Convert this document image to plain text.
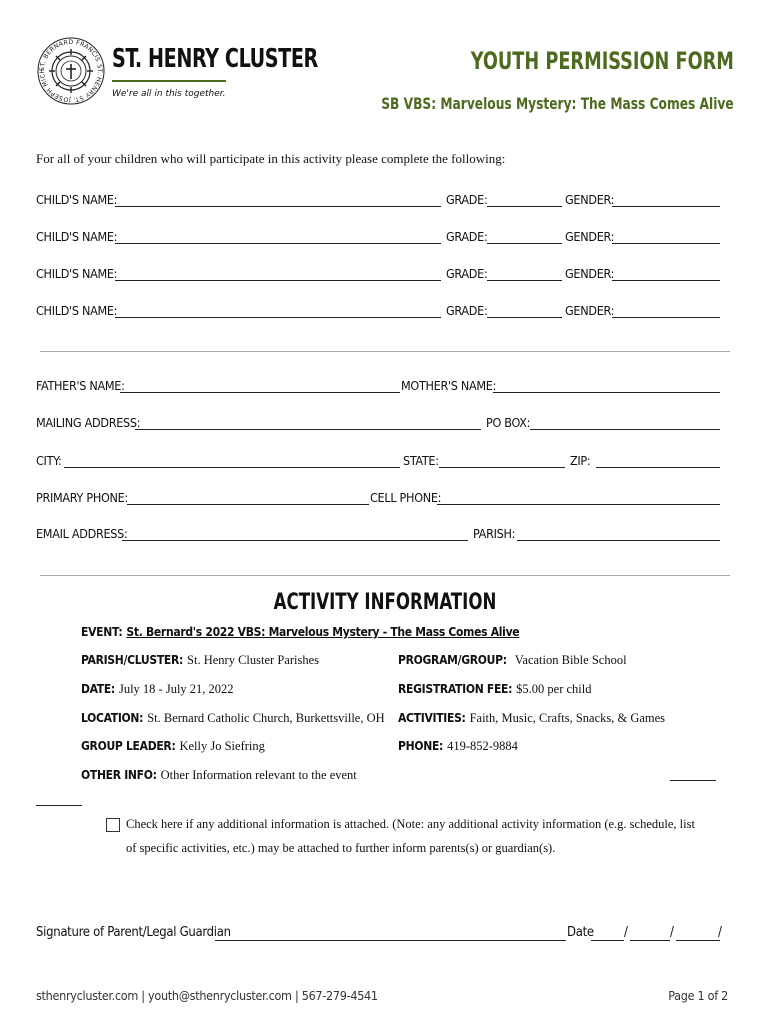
ST. BERNARD FRANCIS ST. HENRY ST. JOSEPH MICH	ST. HENRY CLUSTER
We're all in this together.
YOUTH PERMISSION FORM
SB VBS: Marvelous Mystery: The Mass Comes Alive
For all of your children who will participate in this activity please complete the following:
CHILD'S NAME:	GRADE:	GENDER:
CHILD'S NAME:	GRADE:	GENDER:
CHILD'S NAME:	GRADE:	GENDER:
CHILD'S NAME:	GRADE:	GENDER:
FATHER'S NAME:	MOTHER'S NAME:
MAILING ADDRESS:	PO BOX:
CITY:	STATE:	ZIP:
PRIMARY PHONE:	CELL PHONE:
EMAIL ADDRESS:	PARISH:
ACTIVITY INFORMATION
EVENT: St. Bernard's 2022 VBS: Marvelous Mystery - The Mass Comes Alive
PARISH/CLUSTER: St. Henry Cluster Parishes	PROGRAM/GROUP: Vacation Bible School
DATE: July 18 - July 21, 2022	REGISTRATION FEE: $5.00 per child
LOCATION: St. Bernard Catholic Church, Burkettsville, OH ACTIVITIES: Faith, Music, Crafts, Snacks, & Games
GROUP LEADER: Kelly Jo Siefring	PHONE: 419-852-9884
OTHER INFO: Other Information relevant to the event
Check here if any additional information is attached. (Note: any additional activity information (e.g. schedule, list
of specific activities, etc.) may be attached to further inform parents(s) or guardian(s).
Signature of Parent/Legal Guardian	Date /	/	/
sthenrycluster.com | youth@sthenrycluster.com | 567-279-4541	Page 1 of 2
